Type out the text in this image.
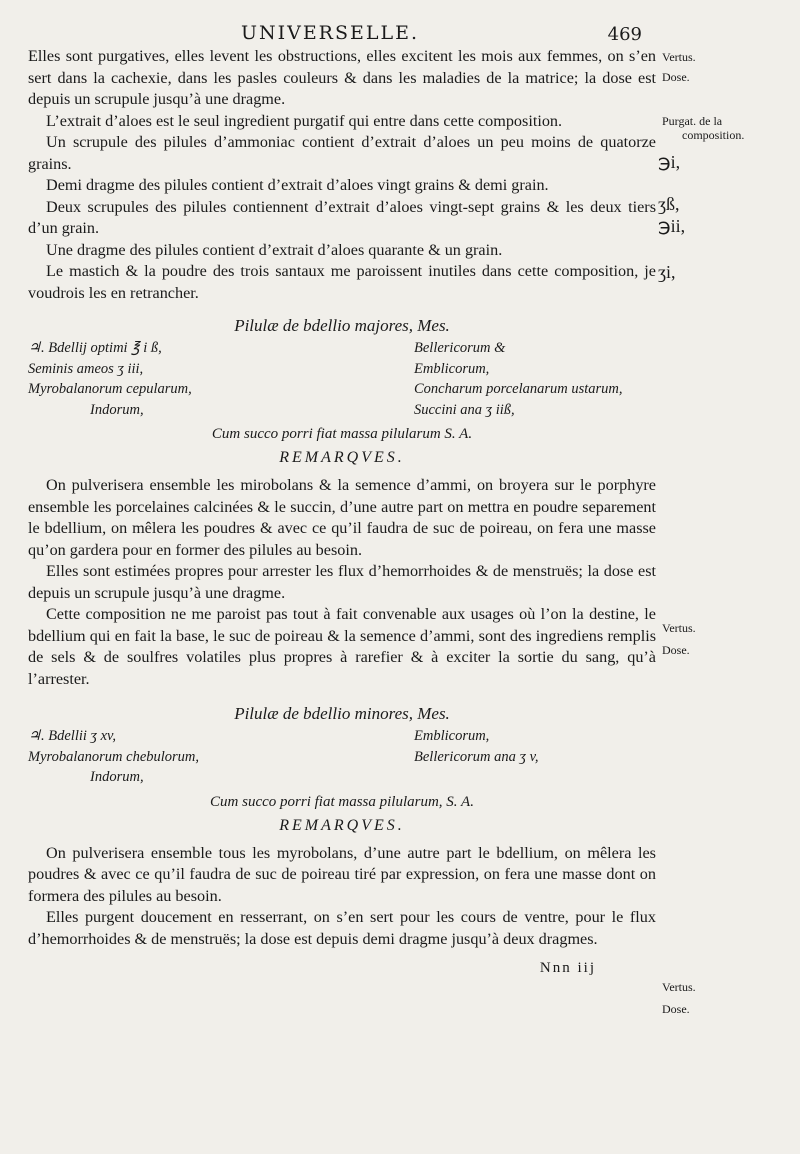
UNIVERSELLE.	469

Elles sont purgatives, elles levent les obstructions, elles excitent les mois aux femmes, on s’en sert dans la cachexie, dans les pasles couleurs & dans les maladies de la matrice; la dose est depuis un scrupule jusqu’à une dragme.

L’extrait d’aloes est le seul ingredient purgatif qui entre dans cette composition.

Un scrupule des pilules d’ammoniac contient d’extrait d’aloes un peu moins de quatorze grains.

Demi dragme des pilules contient d’extrait d’aloes vingt grains & demi grain.

Deux scrupules des pilules contiennent d’extrait d’aloes vingt-sept grains & les deux tiers d’un grain.

Une dragme des pilules contient d’extrait d’aloes quarante & un grain.

Le mastich & la poudre des trois santaux me paroissent inutiles dans cette composition, je voudrois les en retrancher.

Pilulæ de bdellio majores, Mes.
♃. Bdellij optimi ℥ i ß,
Seminis ameos ʒ iii,
Myrobalanorum cepularum,
Indorum,
Bellericorum &
Emblicorum,
Concharum porcelanarum ustarum,
Succini ana ʒ iiß,
Cum succo porri fiat massa pilularum S. A.
REMARQVES.

On pulverisera ensemble les mirobolans & la semence d’ammi, on broyera sur le porphyre ensemble les porcelaines calcinées & le succin, d’une autre part on mettra en poudre separement le bdellium, on mêlera les poudres & avec ce qu’il faudra de suc de poireau, on fera une masse qu’on gardera pour en former des pilules au besoin.

Elles sont estimées propres pour arrester les flux d’hemorrhoides & de menstruës; la dose est depuis un scrupule jusqu’à une dragme.

Cette composition ne me paroist pas tout à fait convenable aux usages où l’on la destine, le bdellium qui en fait la base, le suc de poireau & la semence d’ammi, sont des ingrediens remplis de sels & de soulfres volatiles plus propres à rarefier & à exciter la sortie du sang, qu’à l’arrester.

Pilulæ de bdellio minores, Mes.
♃. Bdellii ʒ xv,
Myrobalanorum chebulorum,
Indorum,
Emblicorum,
Bellericorum ana ʒ v,
Cum succo porri fiat massa pilularum, S. A.
REMARQVES.

On pulverisera ensemble tous les myrobolans, d’une autre part le bdellium, on mêlera les poudres & avec ce qu’il faudra de suc de poireau tiré par expression, on fera une masse dont on formera des pilules au besoin.

Elles purgent doucement en resserrant, on s’en sert pour les cours de ventre, pour le flux d’hemorrhoides & de menstruës; la dose est depuis demi dragme jusqu’à deux dragmes.

Nnn iij
Vertus.
Dose.
Purgat. de la
composition.
℈i,
ʒß,
℈ii,
ʒi,
Vertus.
Dose.
Vertus.
Dose.
